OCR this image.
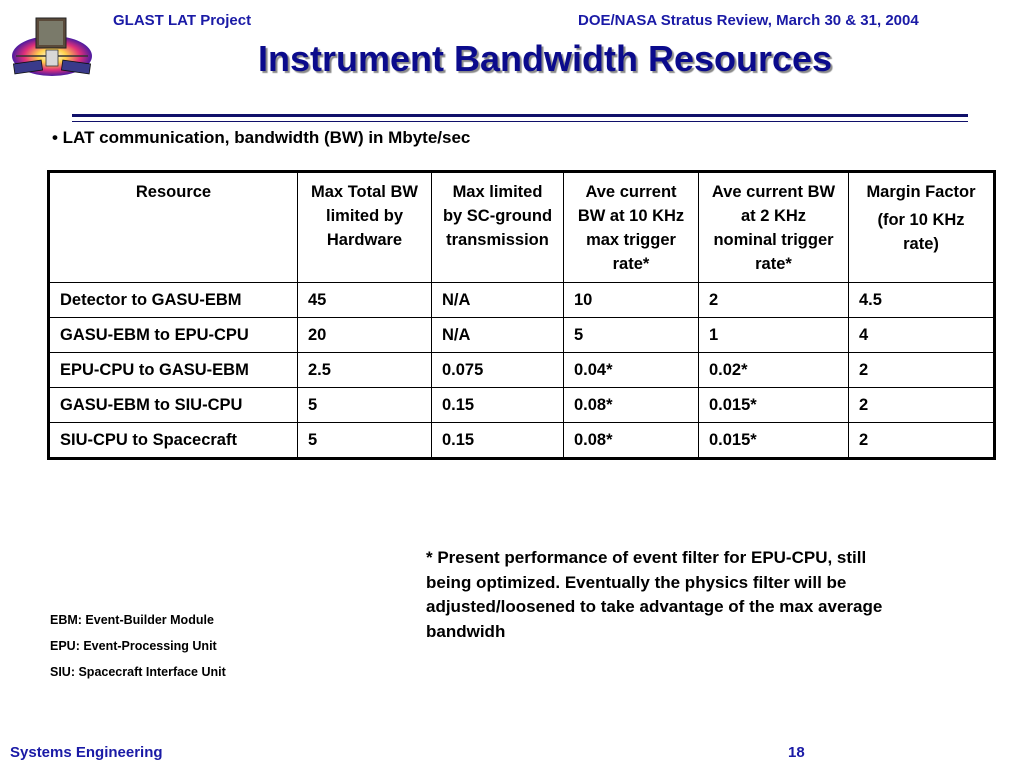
GLAST LAT Project	DOE/NASA Stratus Review, March 30 & 31, 2004
Instrument Bandwidth Resources
• LAT communication, bandwidth (BW) in Mbyte/sec
Resource	Max Total BW limited by Hardware	Max limited by SC-ground transmission	Ave current BW at 10 KHz max trigger rate*	Ave current BW at 2 KHz nominal trigger rate*	Margin Factor
(for 10 KHz rate)

Detector to GASU-EBM	45	N/A	10	2	4.5
GASU-EBM to EPU-CPU	20	N/A	5	1	4
EPU-CPU to GASU-EBM	2.5	0.075	0.04*	0.02*	2
GASU-EBM to SIU-CPU	5	0.15	0.08*	0.015*	2
SIU-CPU to Spacecraft	5	0.15	0.08*	0.015*	2
* Present performance of event filter for EPU-CPU, still being optimized. Eventually the physics filter will be adjusted/loosened to take advantage of the max average bandwidh
EBM: Event-Builder Module
EPU: Event-Processing Unit
SIU: Spacecraft Interface Unit
Systems Engineering	18
